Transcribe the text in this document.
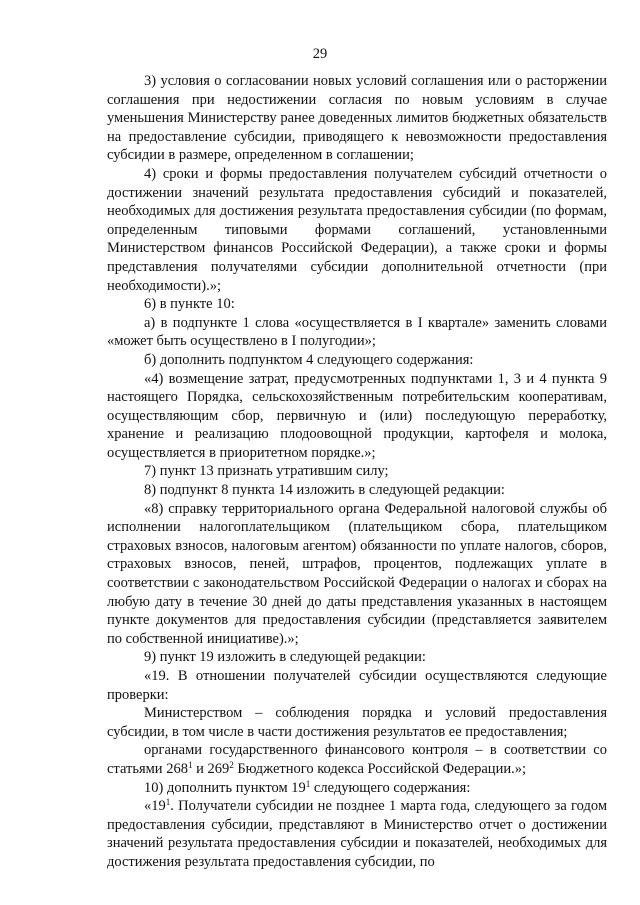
29

3) условия о согласовании новых условий соглашения или о расторжении соглашения при недостижении согласия по новым условиям в случае уменьшения Министерству ранее доведенных лимитов бюджетных обязательств на предоставление субсидии, приводящего к невозможности предоставления субсидии в размере, определенном в соглашении;

4) сроки и формы предоставления получателем субсидий отчетности о достижении значений результата предоставления субсидий и показателей, необходимых для достижения результата предоставления субсидии (по формам, определенным типовыми формами соглашений, установленными Министерством финансов Российской Федерации), а также сроки и формы представления получателями субсидии дополнительной отчетности (при необходимости).»;

6) в пункте 10:

а) в подпункте 1 слова «осуществляется в I квартале» заменить словами «может быть осуществлено в I полугодии»;

б) дополнить подпунктом 4 следующего содержания:

«4) возмещение затрат, предусмотренных подпунктами 1, 3 и 4 пункта 9 настоящего Порядка, сельскохозяйственным потребительским кооперативам, осуществляющим сбор, первичную и (или) последующую переработку, хранение и реализацию плодоовощной продукции, картофеля и молока, осуществляется в приоритетном порядке.»;

7) пункт 13 признать утратившим силу;

8) подпункт 8 пункта 14 изложить в следующей редакции:

«8) справку территориального органа Федеральной налоговой службы об исполнении налогоплательщиком (плательщиком сбора, плательщиком страховых взносов, налоговым агентом) обязанности по уплате налогов, сборов, страховых взносов, пеней, штрафов, процентов, подлежащих уплате в соответствии с законодательством Российской Федерации о налогах и сборах на любую дату в течение 30 дней до даты представления указанных в настоящем пункте документов для предоставления субсидии (представляется заявителем по собственной инициативе).»;

9) пункт 19 изложить в следующей редакции:

«19. В отношении получателей субсидии осуществляются следующие проверки:

Министерством – соблюдения порядка и условий предоставления субсидии, в том числе в части достижения результатов ее предоставления;

органами государственного финансового контроля – в соответствии со статьями $268^1$ и $269^2$ Бюджетного кодекса Российской Федерации.»;

10) дополнить пунктом $19^1$ следующего содержания:

«$19^1$. Получатели субсидии не позднее 1 марта года, следующего за годом предоставления субсидии, представляют в Министерство отчет о достижении значений результата предоставления субсидии и показателей, необходимых для достижения результата предоставления субсидии, по
